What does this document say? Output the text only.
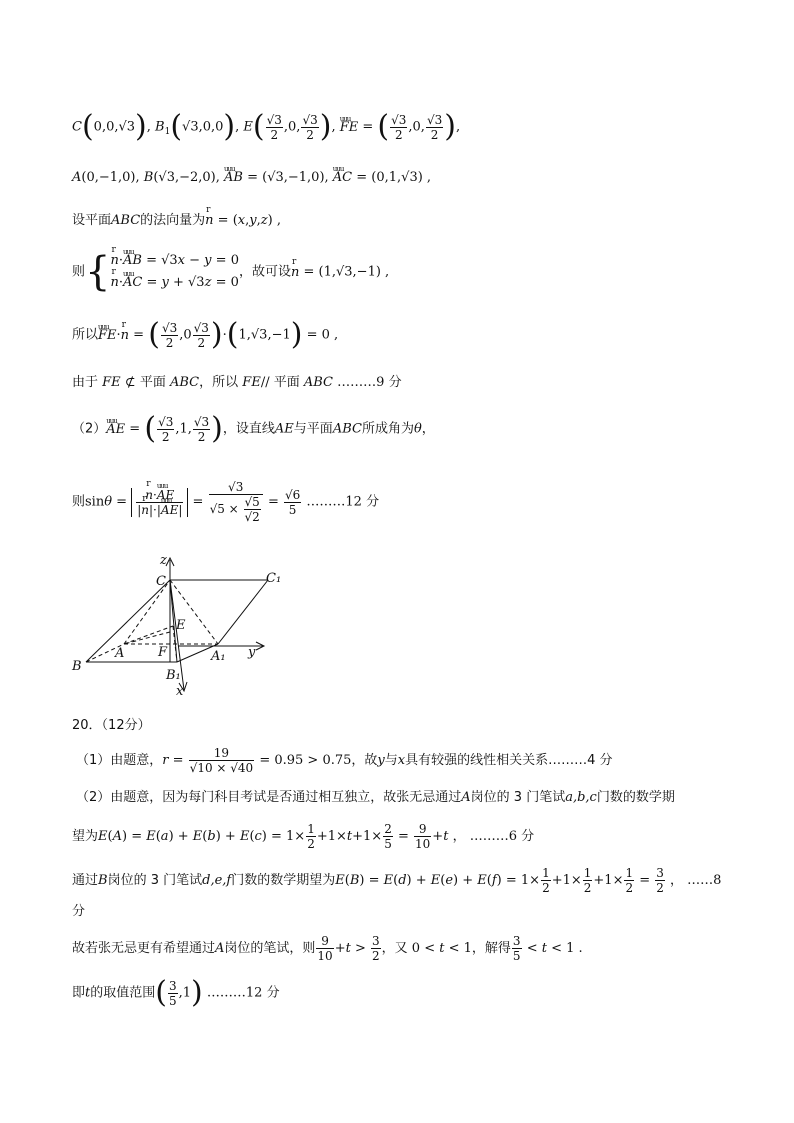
C(0,0,√3), $B_1(√3,0,0)$, $E( \frac{√3}{2} ,0$, $\frac{√3}{2}$ ), uuu FE = ( $\frac{√3}{2} ,0$, $\frac{√3}{2}$ ),
A(0,−1,0), B(√3,−2,0), uuu AB = (√3,−1,0), uuu AC = (0,1,√3) ,
设平面ABC的法向量为r n = (x,y,z) ,
则{ r n·uuu AB = √3x − y = 0
r n·uuu AC = y + √3z = 0
，故可设r n = (1,√3,−1) ,
所以uuu FE·r n = ( $\frac{√3}{2} ,0 \frac{√3}{2} )\cdot(1,√3,-1) = 0$ ,
由于 FE ⊄ 平面 ABC，所以 FE// 平面 ABC ………9 分
（2）uuu AE = ( $\frac{√3}{2} ,1$, $\frac{√3}{2}$ )，设直线AE与平面ABC所成角为θ，
则sinθ = r $\frac{\text{n·uuu AE}}{\text{|r n|·|uuu AE|}} = \frac{√3}{√5 \times \frac{√5}{√2}} = \frac{√6}{5}$ ………12 分
z
C	C₁
E
A	F	A₁ y
B
B₁
x
20．（12分）
（1）由题意，$r = \frac{19}{√10 \times √40} = 0.95 > 0.75$，故y与x具有较强的线性相关关系………4 分
（2）由题意，因为每门科目考试是否通过相互独立，故张无忌通过A岗位的 3 门笔试a,b,c门数的数学期
望为$E(A) = E(a) + E(b) + E(c) = 1\times \frac{1}{2} +1\times t+1\times \frac{2}{5} = \frac{9}{10} +t$ ， ………6 分
通过B岗位的 3 门笔试d,e,f门数的数学期望为$E(B) = E(d) + E(e) + E(f) = 1\times \frac{1}{2} +1\times \frac{1}{2} +1\times \frac{1}{2} = \frac{3}{2}$ ， ……8
分
故若张无忌更有希望通过A岗位的笔试，则 $\frac{9}{10} +t > \frac{3}{2}$ ，又 0 < t < 1，解得 $\frac{3}{5} < t < 1$ .
即t的取值范围( $\frac{3}{5} ,1$) ………12 分
